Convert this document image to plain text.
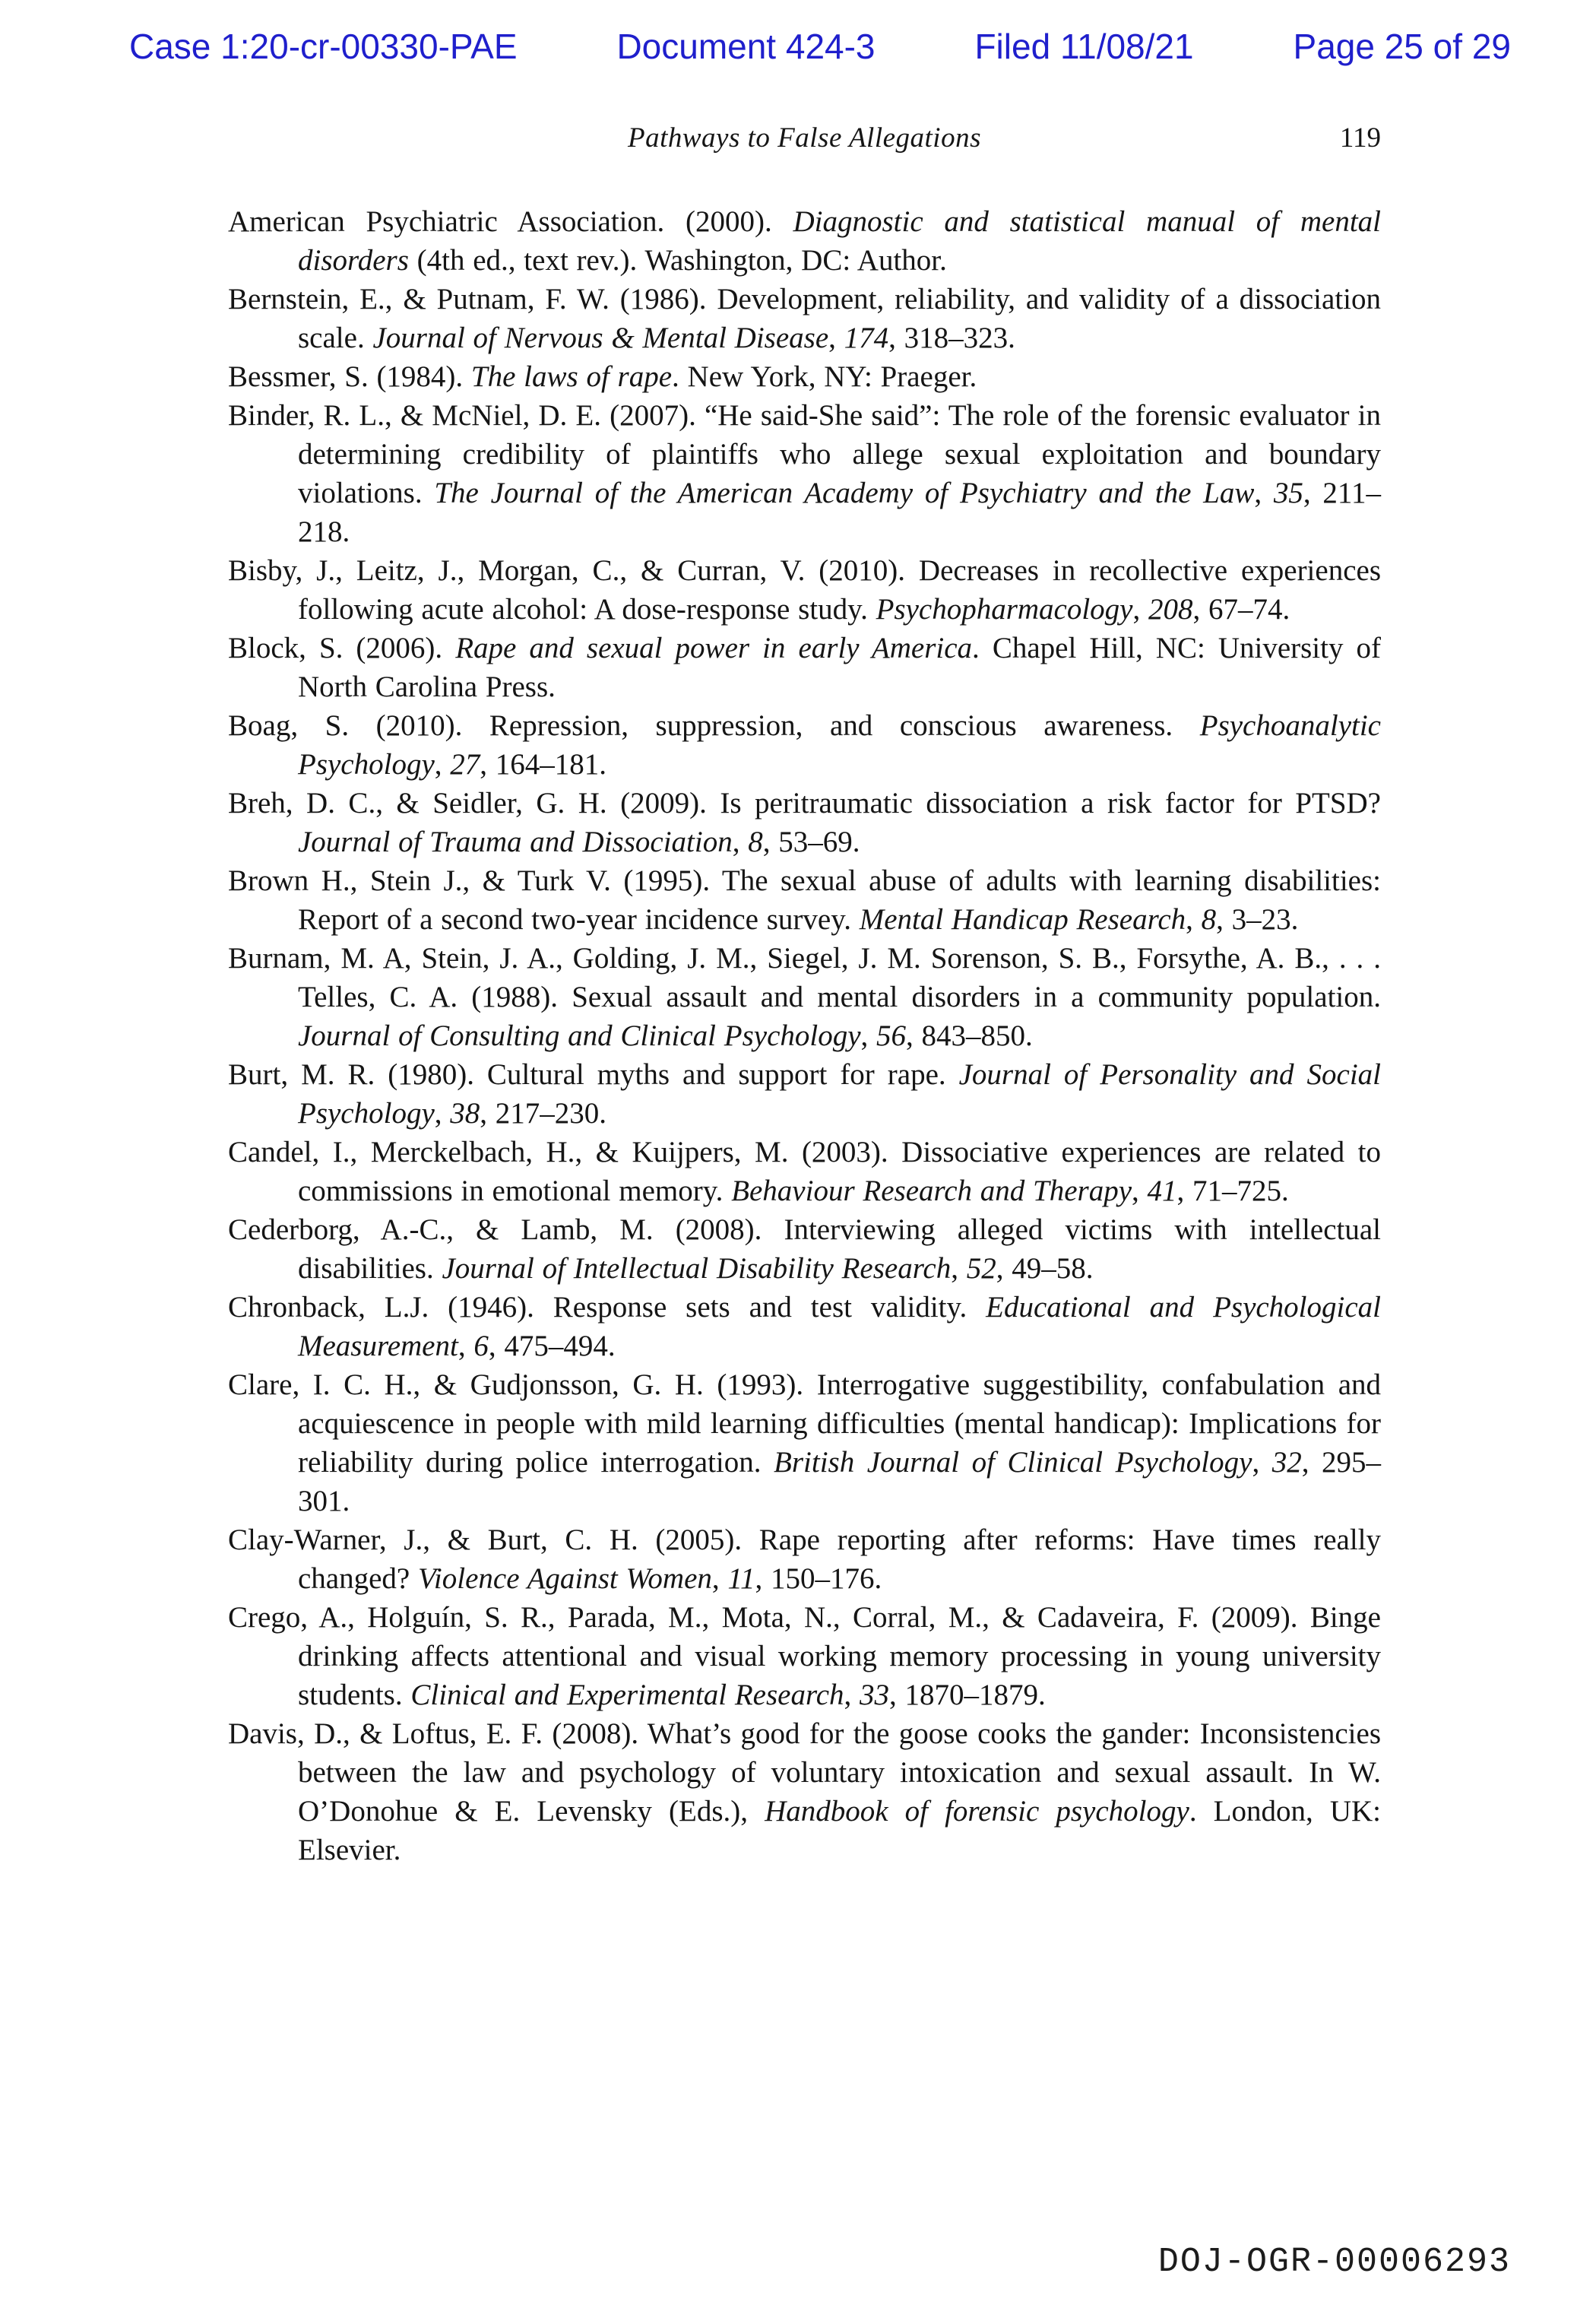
Case 1:20-cr-00330-PAE	Document 424-3	Filed 11/08/21	Page 25 of 29
Pathways to False Allegations	119

American Psychiatric Association. (2000). Diagnostic and statistical manual of mental disorders (4th ed., text rev.). Washington, DC: Author.

Bernstein, E., & Putnam, F. W. (1986). Development, reliability, and validity of a dissociation scale. Journal of Nervous & Mental Disease, 174, 318–323.

Bessmer, S. (1984). The laws of rape. New York, NY: Praeger.

Binder, R. L., & McNiel, D. E. (2007). “He said-She said”: The role of the forensic evaluator in determining credibility of plaintiffs who allege sexual exploitation and boundary violations. The Journal of the American Academy of Psychiatry and the Law, 35, 211–218.

Bisby, J., Leitz, J., Morgan, C., & Curran, V. (2010). Decreases in recollective experiences following acute alcohol: A dose-response study. Psychopharmacology, 208, 67–74.

Block, S. (2006). Rape and sexual power in early America. Chapel Hill, NC: University of North Carolina Press.

Boag, S. (2010). Repression, suppression, and conscious awareness. Psychoanalytic Psychology, 27, 164–181.

Breh, D. C., & Seidler, G. H. (2009). Is peritraumatic dissociation a risk factor for PTSD? Journal of Trauma and Dissociation, 8, 53–69.

Brown H., Stein J., & Turk V. (1995). The sexual abuse of adults with learning disabilities: Report of a second two-year incidence survey. Mental Handicap Research, 8, 3–23.

Burnam, M. A, Stein, J. A., Golding, J. M., Siegel, J. M. Sorenson, S. B., Forsythe, A. B., . . . Telles, C. A. (1988). Sexual assault and mental disorders in a community population. Journal of Consulting and Clinical Psychology, 56, 843–850.

Burt, M. R. (1980). Cultural myths and support for rape. Journal of Personality and Social Psychology, 38, 217–230.

Candel, I., Merckelbach, H., & Kuijpers, M. (2003). Dissociative experiences are related to commissions in emotional memory. Behaviour Research and Therapy, 41, 71–725.

Cederborg, A.-C., & Lamb, M. (2008). Interviewing alleged victims with intellectual disabilities. Journal of Intellectual Disability Research, 52, 49–58.

Chronback, L.J. (1946). Response sets and test validity. Educational and Psychological Measurement, 6, 475–494.

Clare, I. C. H., & Gudjonsson, G. H. (1993). Interrogative suggestibility, confabulation and acquiescence in people with mild learning difficulties (mental handicap): Implications for reliability during police interrogation. British Journal of Clinical Psychology, 32, 295–301.

Clay-Warner, J., & Burt, C. H. (2005). Rape reporting after reforms: Have times really changed? Violence Against Women, 11, 150–176.

Crego, A., Holguín, S. R., Parada, M., Mota, N., Corral, M., & Cadaveira, F. (2009). Binge drinking affects attentional and visual working memory processing in young university students. Clinical and Experimental Research, 33, 1870–1879.

Davis, D., & Loftus, E. F. (2008). What’s good for the goose cooks the gander: Inconsistencies between the law and psychology of voluntary intoxication and sexual assault. In W. O’Donohue & E. Levensky (Eds.), Handbook of forensic psychology. London, UK: Elsevier.

DOJ-OGR-00006293
